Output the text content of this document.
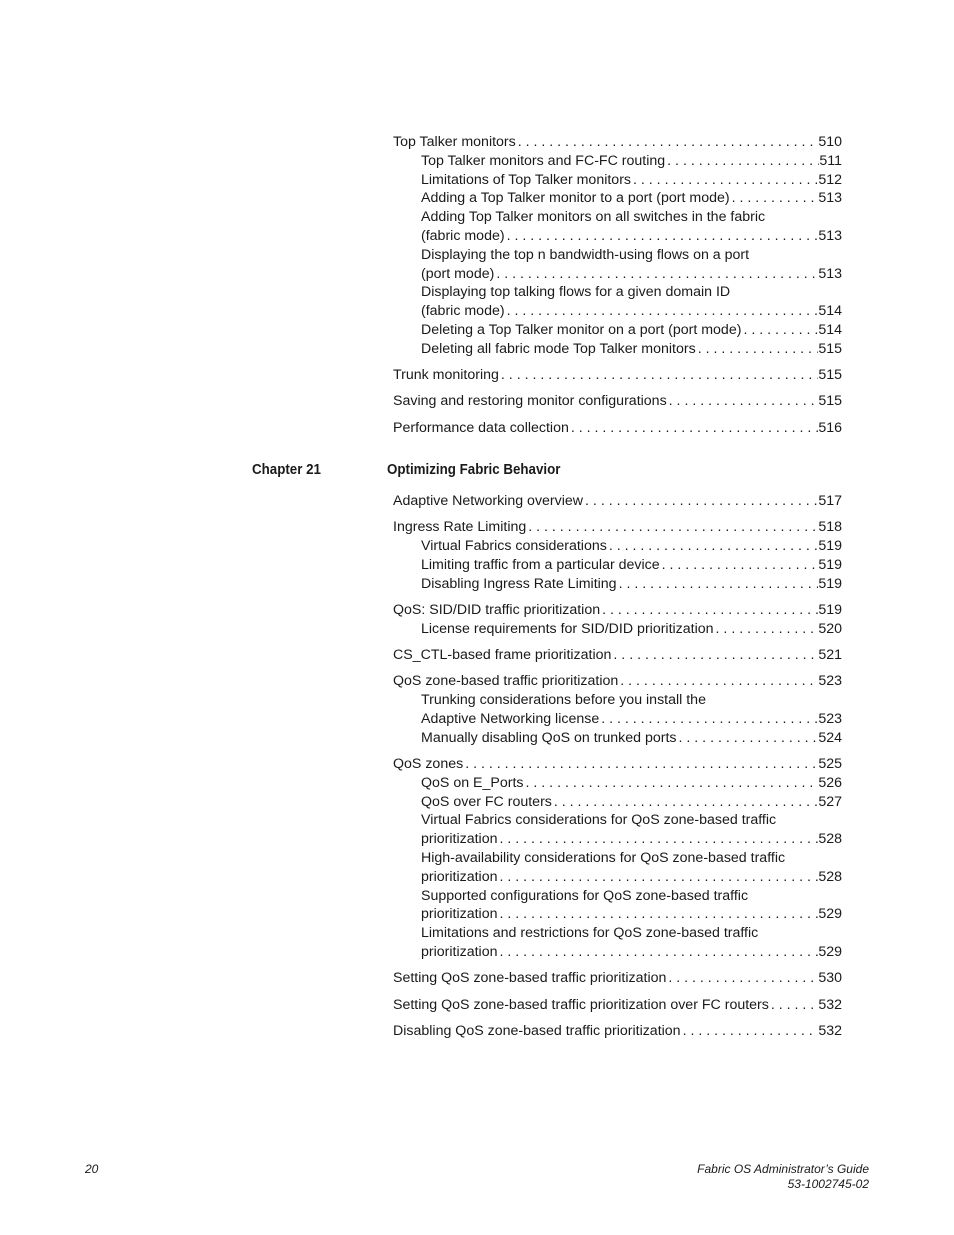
Top Talker monitors . . .	510
Top Talker monitors and FC-FC routing . . .	511
Limitations of Top Talker monitors . . .	512
Adding a Top Talker monitor to a port (port mode) . . .	513
Adding Top Talker monitors on all switches in the fabric
(fabric mode) . . .	513
Displaying the top n bandwidth-using flows on a port
(port mode) . . .	513
Displaying top talking flows for a given domain ID
(fabric mode) . . .	514
Deleting a Top Talker monitor on a port (port mode) . . .	514
Deleting all fabric mode Top Talker monitors . . .	515
Trunk monitoring . . .	515
Saving and restoring monitor configurations . . .	515
Performance data collection . . .	516
Chapter 21	Optimizing Fabric Behavior
Adaptive Networking overview . . .	517
Ingress Rate Limiting . . .	518
Virtual Fabrics considerations . . .	519
Limiting traffic from a particular device . . .	519
Disabling Ingress Rate Limiting . . .	519
QoS: SID/DID traffic prioritization . . .	519
License requirements for SID/DID prioritization . . .	520
CS_CTL-based frame prioritization . . .	521
QoS zone-based traffic prioritization . . .	523
Trunking considerations before you install the
Adaptive Networking license . . .	523
Manually disabling QoS on trunked ports . . .	524
QoS zones . . .	525
QoS on E_Ports . . .	526
QoS over FC routers . . .	527
Virtual Fabrics considerations for QoS zone-based traffic
prioritization . . .	528
High-availability considerations for QoS zone-based traffic
prioritization . . .	528
Supported configurations for QoS zone-based traffic
prioritization . . .	529
Limitations and restrictions for QoS zone-based traffic
prioritization . . .	529
Setting QoS zone-based traffic prioritization . . .	530
Setting QoS zone-based traffic prioritization over FC routers . . .	532
Disabling QoS zone-based traffic prioritization . . .	532
20	Fabric OS Administrator’s Guide
53-1002745-02
